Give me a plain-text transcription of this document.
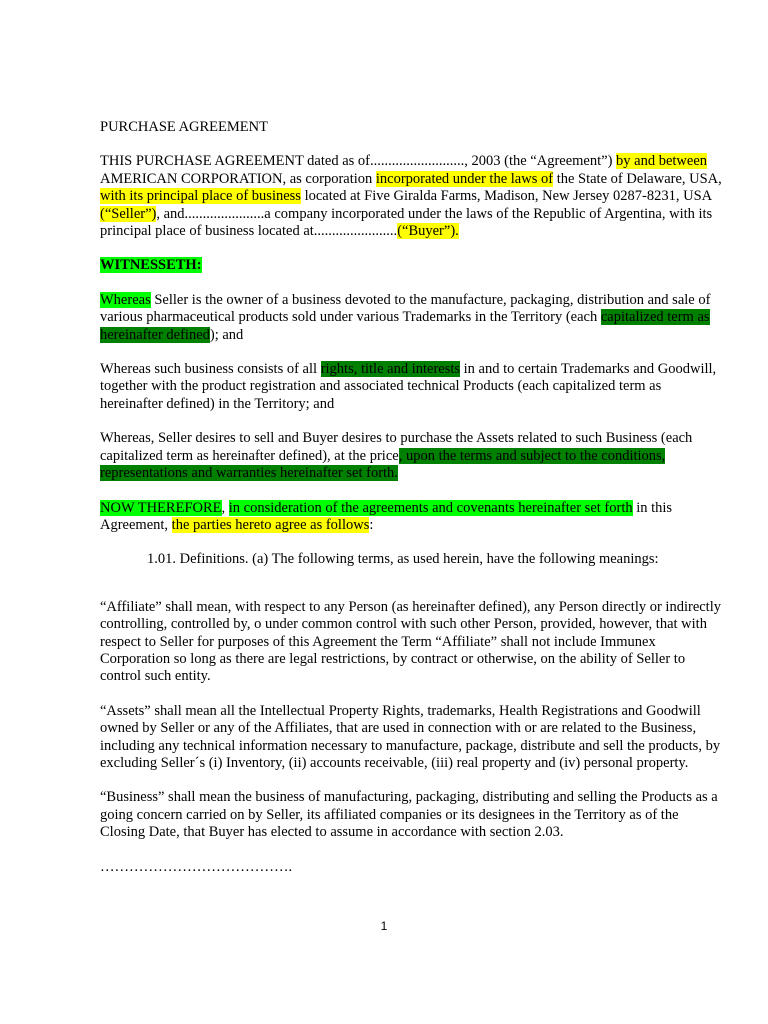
PURCHASE AGREEMENT

THIS PURCHASE AGREEMENT dated as of.........................., 2003 (the “Agreement”) by and between AMERICAN CORPORATION, as corporation incorporated under the laws of the State of Delaware, USA, with its principal place of business located at Five Giralda Farms, Madison, New Jersey 0287-8231, USA (“Seller”), and......................a company incorporated under the laws of the Republic of Argentina, with its principal place of business located at.......................(“Buyer”).

WITNESSETH:

Whereas Seller is the owner of a business devoted to the manufacture, packaging, distribution and sale of various pharmaceutical products sold under various Trademarks in the Territory (each capitalized term as hereinafter defined); and

Whereas such business consists of all rights, title and interests in and to certain Trademarks and Goodwill, together with the product registration and associated technical Products (each capitalized term as hereinafter defined) in the Territory; and

Whereas, Seller desires to sell and Buyer desires to purchase the Assets related to such Business (each capitalized term as hereinafter defined), at the price, upon the terms and subject to the conditions, representations and warranties hereinafter set forth.

NOW THEREFORE, in consideration of the agreements and covenants hereinafter set forth in this Agreement, the parties hereto agree as follows:

1.01. Definitions. (a) The following terms, as used herein, have the following meanings:

“Affiliate” shall mean, with respect to any Person (as hereinafter defined), any Person directly or indirectly controlling, controlled by, o under common control with such other Person, provided, however, that with respect to Seller for purposes of this Agreement the Term “Affiliate” shall not include Immunex Corporation so long as there are legal restrictions, by contract or otherwise, on the ability of Seller to control such entity.

“Assets” shall mean all the Intellectual Property Rights, trademarks, Health Registrations and Goodwill owned by Seller or any of the Affiliates, that are used in connection with or are related to the Business, including any technical information necessary to manufacture, package, distribute and sell the products, by excluding Seller´s (i) Inventory, (ii) accounts receivable, (iii) real property and (iv) personal property.

“Business” shall mean the business of manufacturing, packaging, distributing and selling the Products as a going concern carried on by Seller, its affiliated companies or its designees in the Territory as of the Closing Date, that Buyer has elected to assume in accordance with section 2.03.

………………………………….

1
